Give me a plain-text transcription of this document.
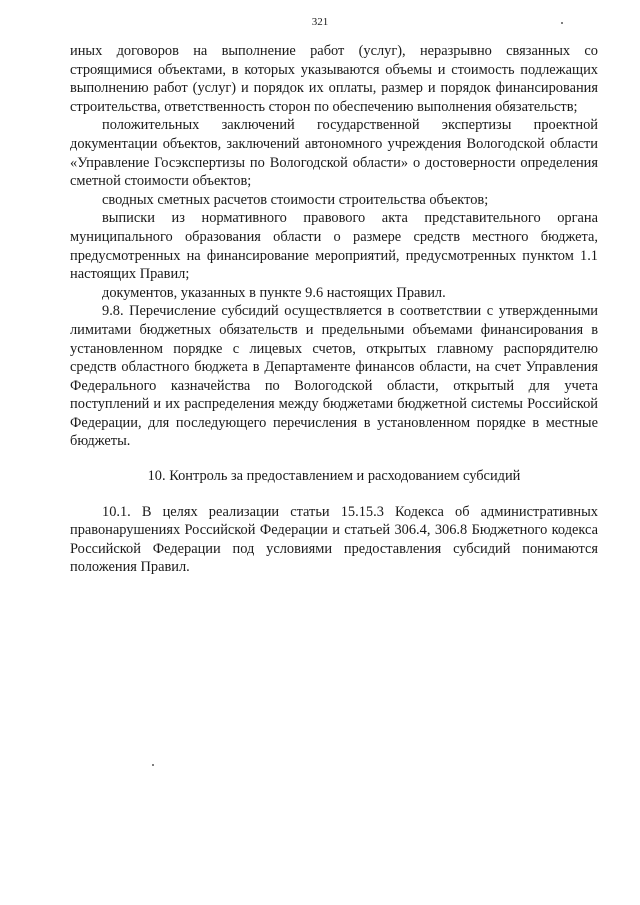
321

иных договоров на выполнение работ (услуг), неразрывно связанных со строящимися объектами, в которых указываются объемы и стоимость подлежащих выполнению работ (услуг) и порядок их оплаты, размер и порядок финансирования строительства, ответственность сторон по обеспечению выполнения обязательств;

положительных заключений государственной экспертизы проектной документации объектов, заключений автономного учреждения Вологодской области «Управление Госэкспертизы по Вологодской области» о достоверности определения сметной стоимости объектов;

сводных сметных расчетов стоимости строительства объектов;

выписки из нормативного правового акта представительного органа муниципального образования области о размере средств местного бюджета, предусмотренных на финансирование мероприятий, предусмотренных пунктом 1.1 настоящих Правил;

документов, указанных в пункте 9.6 настоящих Правил.

9.8. Перечисление субсидий осуществляется в соответствии с утвержденными лимитами бюджетных обязательств и предельными объемами финансирования в установленном порядке с лицевых счетов, открытых главному распорядителю средств областного бюджета в Департаменте финансов области, на счет Управления Федерального казначейства по Вологодской области, открытый для учета поступлений и их распределения между бюджетами бюджетной системы Российской Федерации, для последующего перечисления в установленном порядке в местные бюджеты.

10. Контроль за предоставлением и расходованием субсидий

10.1. В целях реализации статьи 15.15.3 Кодекса об административных правонарушениях Российской Федерации и статьей 306.4, 306.8 Бюджетного кодекса Российской Федерации под условиями предоставления субсидий понимаются положения Правил.
